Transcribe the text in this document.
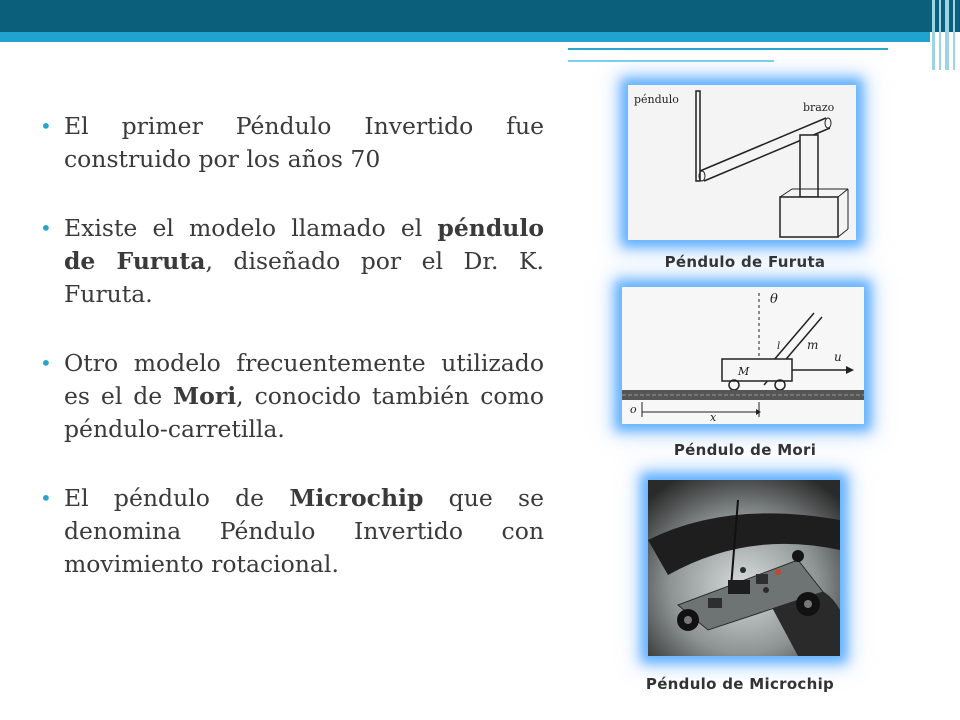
• El primer Péndulo Invertido fue construido por los años 70
• Existe el modelo llamado el péndulo de Furuta, diseñado por el Dr. K. Furuta.
• Otro modelo frecuentemente utilizado es el de Mori, conocido también como péndulo-carretilla.
• El péndulo de Microchip que se denomina Péndulo Invertido con movimiento rotacional.
péndulo
brazo
Péndulo de Furuta
θ
l m
M
u
o
x
Péndulo de Mori
Péndulo de Microchip
